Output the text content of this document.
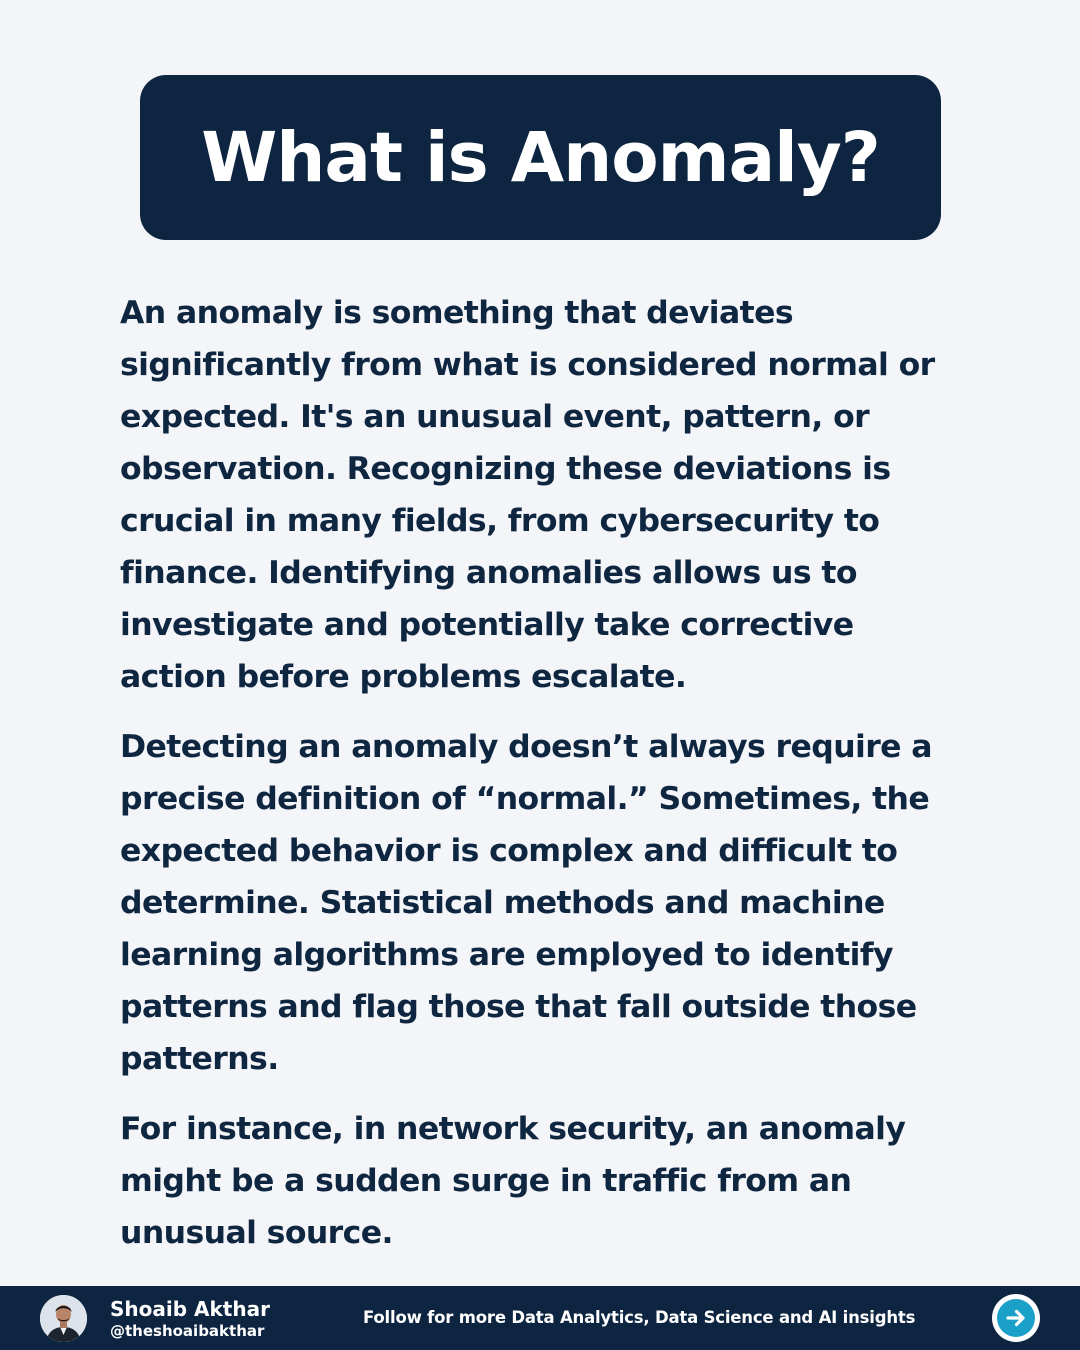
What is Anomaly?

An anomaly is something that deviates significantly from what is considered normal or expected. It's an unusual event, pattern, or observation. Recognizing these deviations is crucial in many fields, from cybersecurity to finance. Identifying anomalies allows us to investigate and potentially take corrective action before problems escalate.

Detecting an anomaly doesn’t always require a precise definition of “normal.” Sometimes, the expected behavior is complex and difficult to determine. Statistical methods and machine learning algorithms are employed to identify patterns and flag those that fall outside those patterns.

For instance, in network security, an anomaly might be a sudden surge in traffic from an unusual source.

Shoaib Akthar
@theshoaibakthar
Follow for more Data Analytics, Data Science and AI insights
